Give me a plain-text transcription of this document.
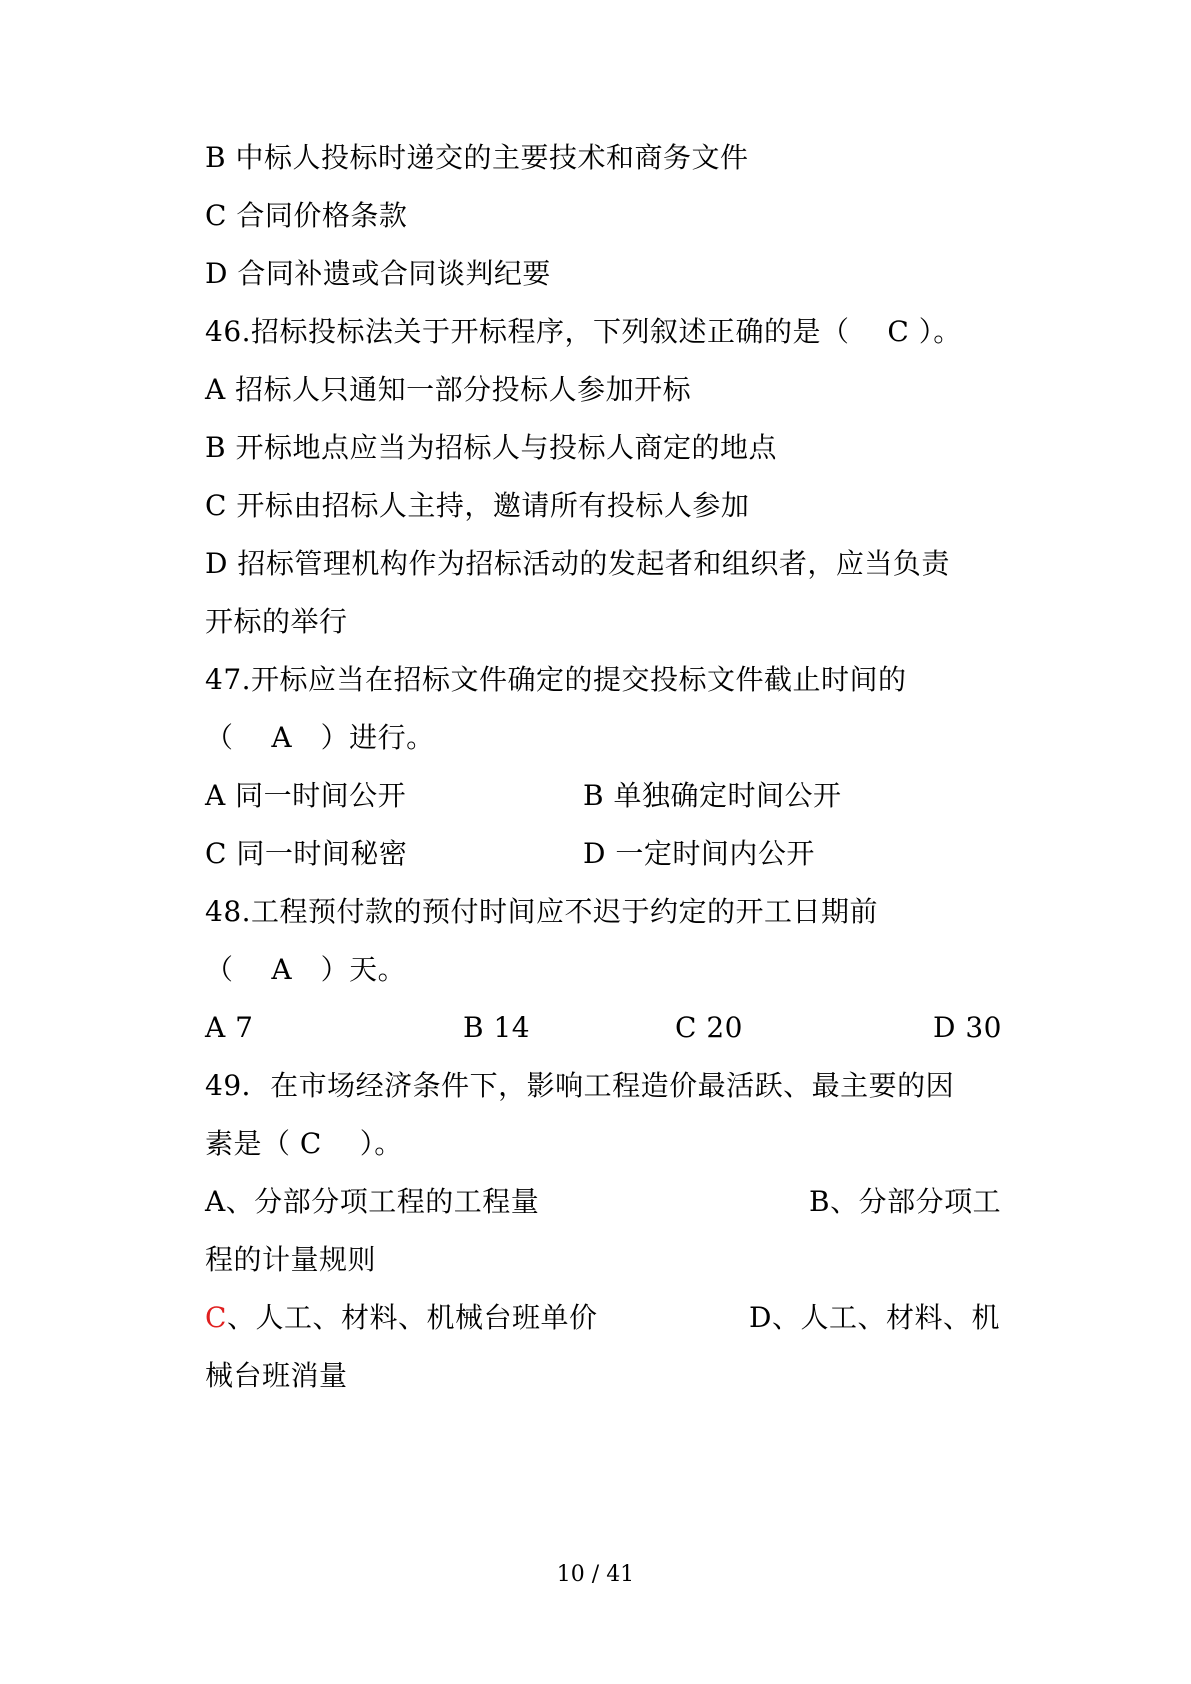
B 中标人投标时递交的主要技术和商务文件
C 合同价格条款
D 合同补遗或合同谈判纪要
46.招标投标法关于开标程序，下列叙述正确的是（　 C ）。
A 招标人只通知一部分投标人参加开标
B 开标地点应当为招标人与投标人商定的地点
C 开标由招标人主持，邀请所有投标人参加
D 招标管理机构作为招标活动的发起者和组织者，应当负责
开标的举行
47.开标应当在招标文件确定的提交投标文件截止时间的
（　 A　）进行。
A 同一时间公开	B 单独确定时间公开
C 同一时间秘密	D 一定时间内公开
48.工程预付款的预付时间应不迟于约定的开工日期前
（　 A　）天。
A 7	B 14	C 20	D 30
49．在市场经济条件下，影响工程造价最活跃、最主要的因
素是（ C　 ）。
A、分部分项工程的工程量	B、分部分项工
程的计量规则
C、人工、材料、机械台班单价	D、人工、材料、机
械台班消量
10 / 41
